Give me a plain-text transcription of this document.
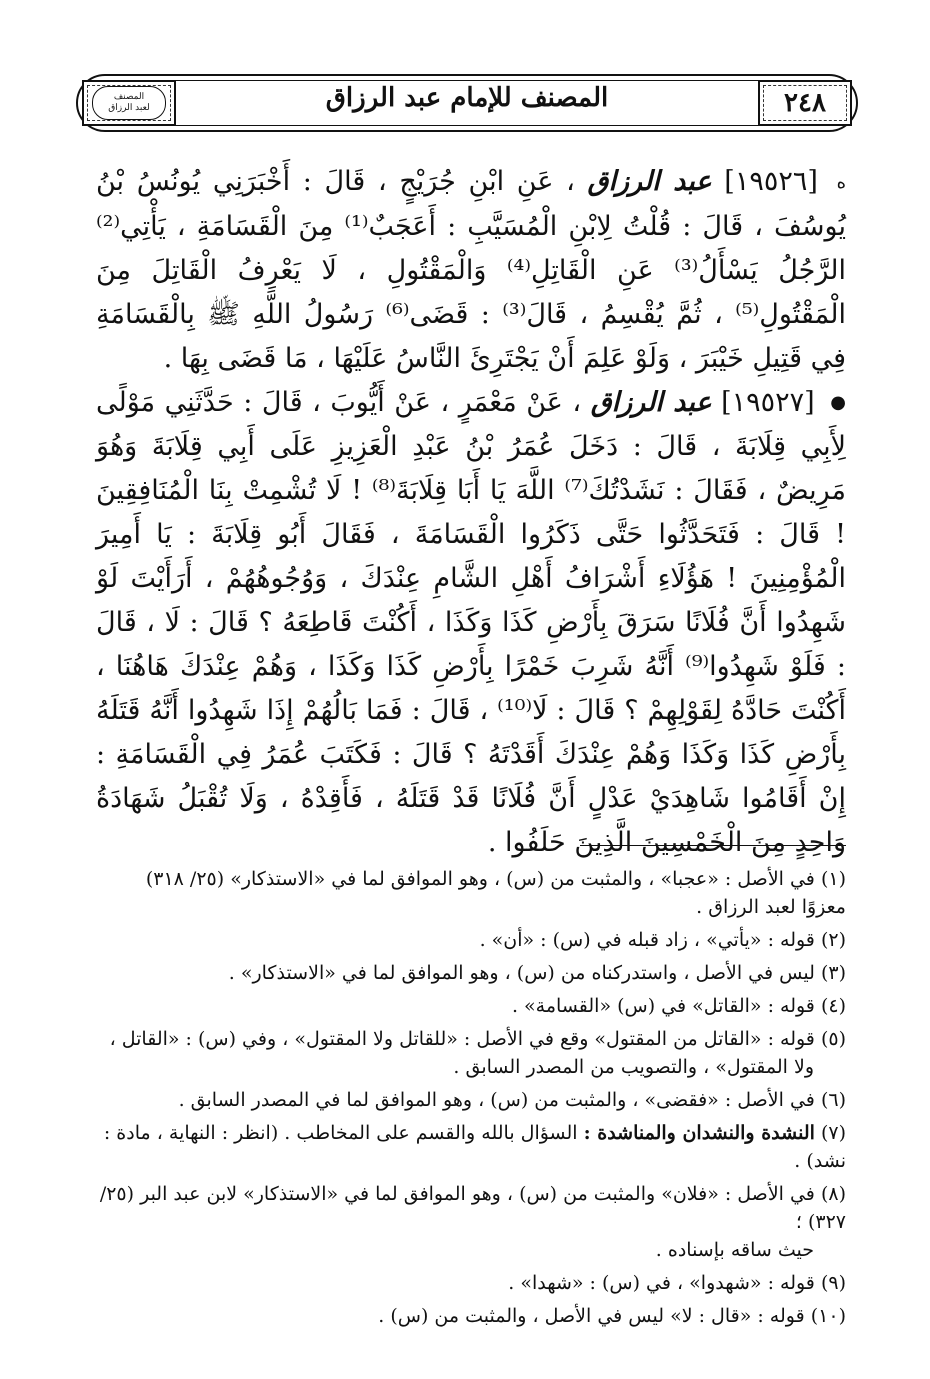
المصنف
لعبد الرزاق	المصنف للإمام عبد الرزاق	٢٤٨

ه [١٩٥٢٦] عبد الرزاق ، عَنِ ابْنِ جُرَيْجٍ ، قَالَ : أَخْبَرَنِي يُونُسُ بْنُ يُوسُفَ ، قَالَ : قُلْتُ لِابْنِ الْمُسَيَّبِ : أَعَجَبٌ⁽¹⁾ مِنَ الْقَسَامَةِ ، يَأْتِي⁽²⁾ الرَّجُلُ يَسْأَلُ⁽³⁾ عَنِ الْقَاتِلِ⁽⁴⁾ وَالْمَقْتُولِ ، لَا يَعْرِفُ الْقَاتِلَ مِنَ الْمَقْتُولِ⁽⁵⁾ ، ثُمَّ يُقْسِمُ ، قَالَ⁽³⁾ : قَضَى⁽⁶⁾ رَسُولُ اللَّهِ ﷺ بِالْقَسَامَةِ فِي قَتِيلِ خَيْبَرَ ، وَلَوْ عَلِمَ أَنْ يَجْتَرِئَ النَّاسُ عَلَيْهَا ، مَا قَضَى بِهَا .

● [١٩٥٢٧] عبد الرزاق ، عَنْ مَعْمَرٍ ، عَنْ أَيُّوبَ ، قَالَ : حَدَّثَنِي مَوْلًى لِأَبِي قِلَابَةَ ، قَالَ : دَخَلَ عُمَرُ بْنُ عَبْدِ الْعَزِيزِ عَلَى أَبِي قِلَابَةَ وَهُوَ مَرِيضٌ ، فَقَالَ : نَشَدْتُكَ⁽⁷⁾ اللَّهَ يَا أَبَا قِلَابَةَ⁽⁸⁾ ! لَا تُشْمِتْ بِنَا الْمُنَافِقِينَ ! قَالَ : فَتَحَدَّثُوا حَتَّى ذَكَرُوا الْقَسَامَةَ ، فَقَالَ أَبُو قِلَابَةَ : يَا أَمِيرَ الْمُؤْمِنِينَ ! هَؤُلَاءِ أَشْرَافُ أَهْلِ الشَّامِ عِنْدَكَ ، وَوُجُوهُهُمْ ، أَرَأَيْتَ لَوْ شَهِدُوا أَنَّ فُلَانًا سَرَقَ بِأَرْضِ كَذَا وَكَذَا ، أَكُنْتَ قَاطِعَهُ ؟ قَالَ : لَا ، قَالَ : فَلَوْ شَهِدُوا⁽⁹⁾ أَنَّهُ شَرِبَ خَمْرًا بِأَرْضِ كَذَا وَكَذَا ، وَهُمْ عِنْدَكَ هَاهُنَا ، أَكُنْتَ حَادَّهُ لِقَوْلِهِمْ ؟ قَالَ : لَا⁽¹⁰⁾ ، قَالَ : فَمَا بَالُهُمْ إِذَا شَهِدُوا أَنَّهُ قَتَلَهُ بِأَرْضِ كَذَا وَكَذَا وَهُمْ عِنْدَكَ أَقَدْتَهُ ؟ قَالَ : فَكَتَبَ عُمَرُ فِي الْقَسَامَةِ : إِنْ أَقَامُوا شَاهِدَيْ عَدْلٍ أَنَّ فُلَانًا قَدْ قَتَلَهُ ، فَأَقِدْهُ ، وَلَا تُقْبَلُ شَهَادَةُ وَاحِدٍ مِنَ الْخَمْسِينَ الَّذِينَ حَلَفُوا .

(١) في الأصل : «عجبا» ، والمثبت من (س) ، وهو الموافق لما في «الاستذكار» (٢٥/ ٣١٨) معزوًا لعبد الرزاق .

(٢) قوله : «يأتي» ، زاد قبله في (س) : «أن» .

(٣) ليس في الأصل ، واستدركناه من (س) ، وهو الموافق لما في «الاستذكار» .

(٤) قوله : «القاتل» في (س) «القسامة» .

(٥) قوله : «القاتل من المقتول» وقع في الأصل : «للقاتل ولا المقتول» ، وفي (س) : «القاتل ،
ولا المقتول» ، والتصويب من المصدر السابق .

(٦) في الأصل : «فقضى» ، والمثبت من (س) ، وهو الموافق لما في المصدر السابق .

(٧) النشدة والنشدان والمناشدة : السؤال بالله والقسم على المخاطب . (انظر : النهاية ، مادة : نشد) .

(٨) في الأصل : «فلان» والمثبت من (س) ، وهو الموافق لما في «الاستذكار» لابن عبد البر (٢٥/ ٣٢٧) ؛
حيث ساقه بإسناده .

(٩) قوله : «شهدوا» ، في (س) : «شهدا» .

(١٠) قوله : «قال : لا» ليس في الأصل ، والمثبت من (س) .
